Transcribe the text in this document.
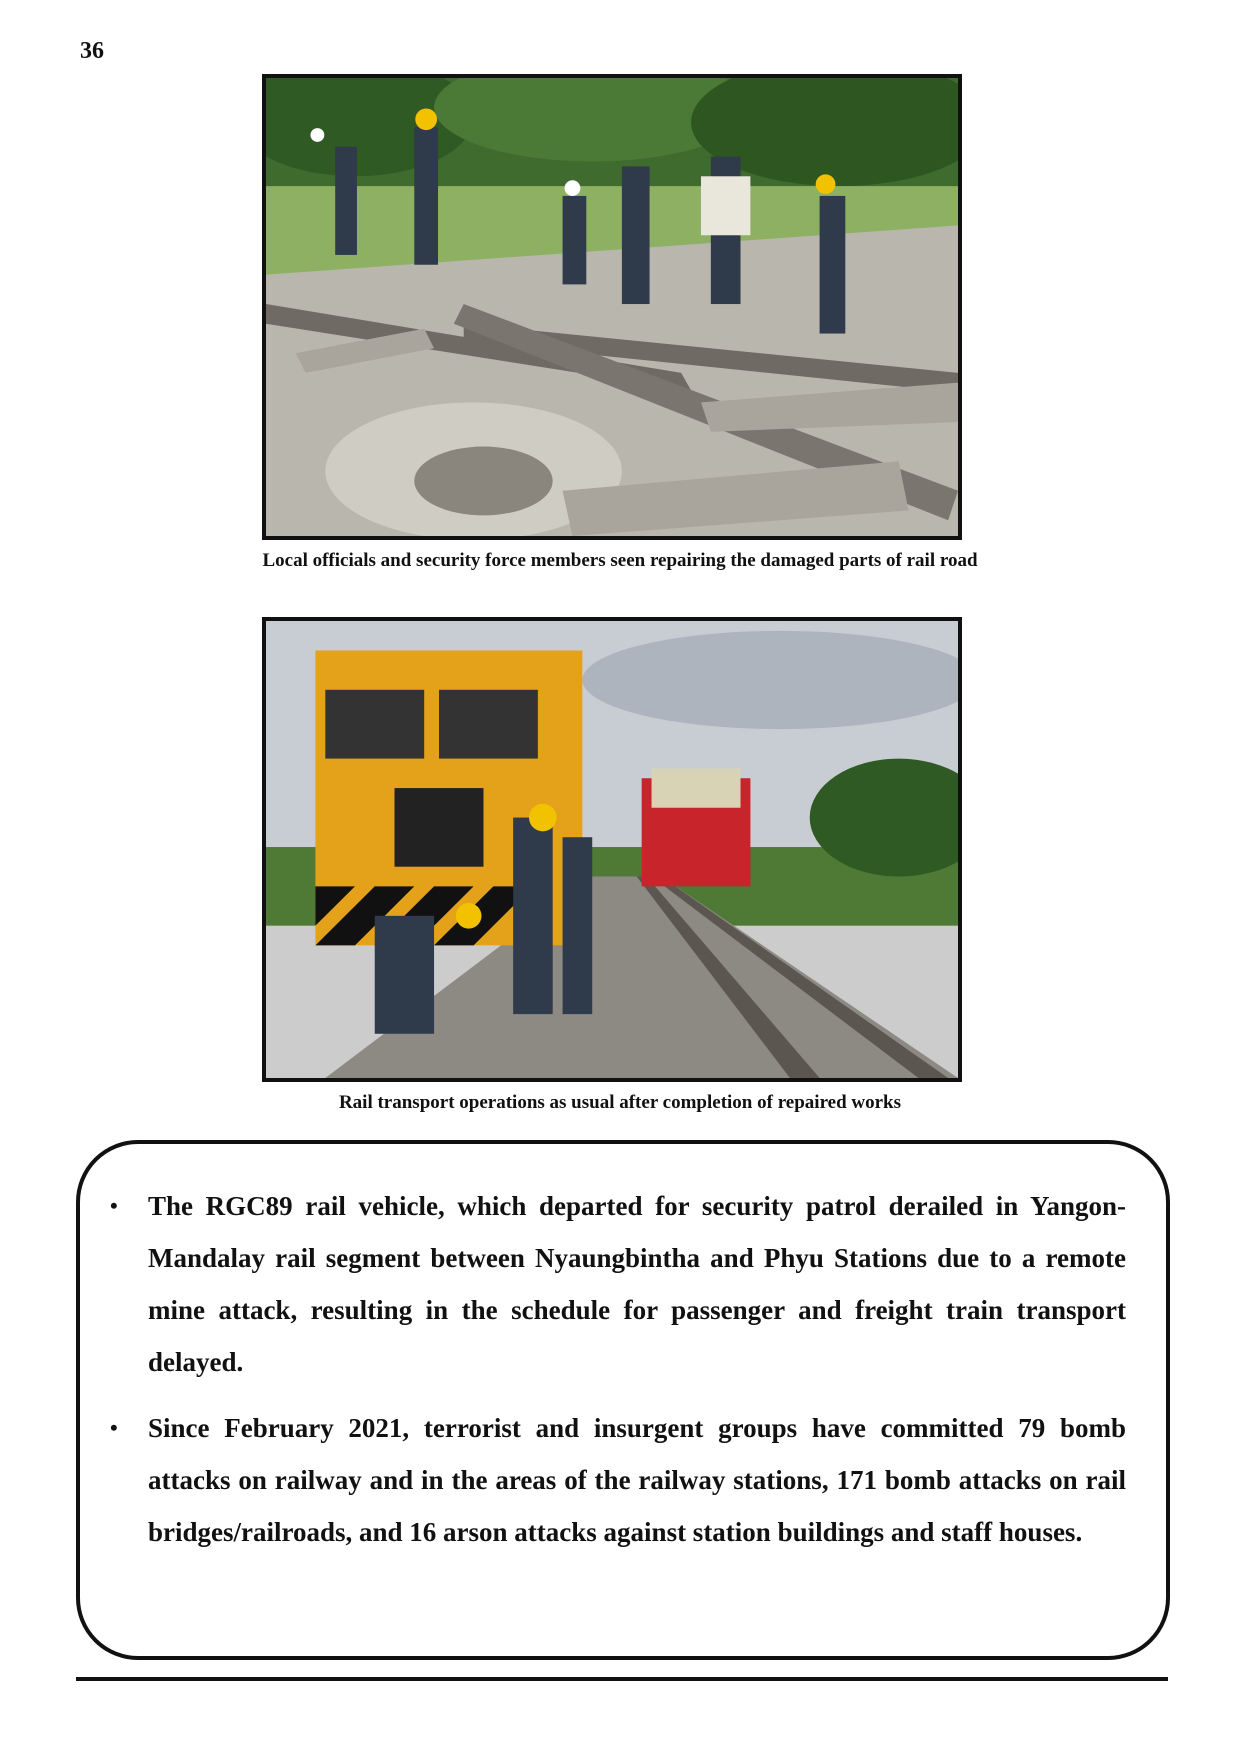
36
Local officials and security force members seen repairing the damaged parts of rail road
Rail transport operations as usual after completion of repaired works
• The RGC89 rail vehicle, which departed for security patrol derailed in Yangon-Mandalay rail segment between Nyaungbintha and Phyu Stations due to a remote mine attack, resulting in the schedule for passenger and freight train transport delayed.
• Since February 2021, terrorist and insurgent groups have committed 79 bomb attacks on railway and in the areas of the railway stations, 171 bomb attacks on rail bridges/railroads, and 16 arson attacks against station buildings and staff houses.
